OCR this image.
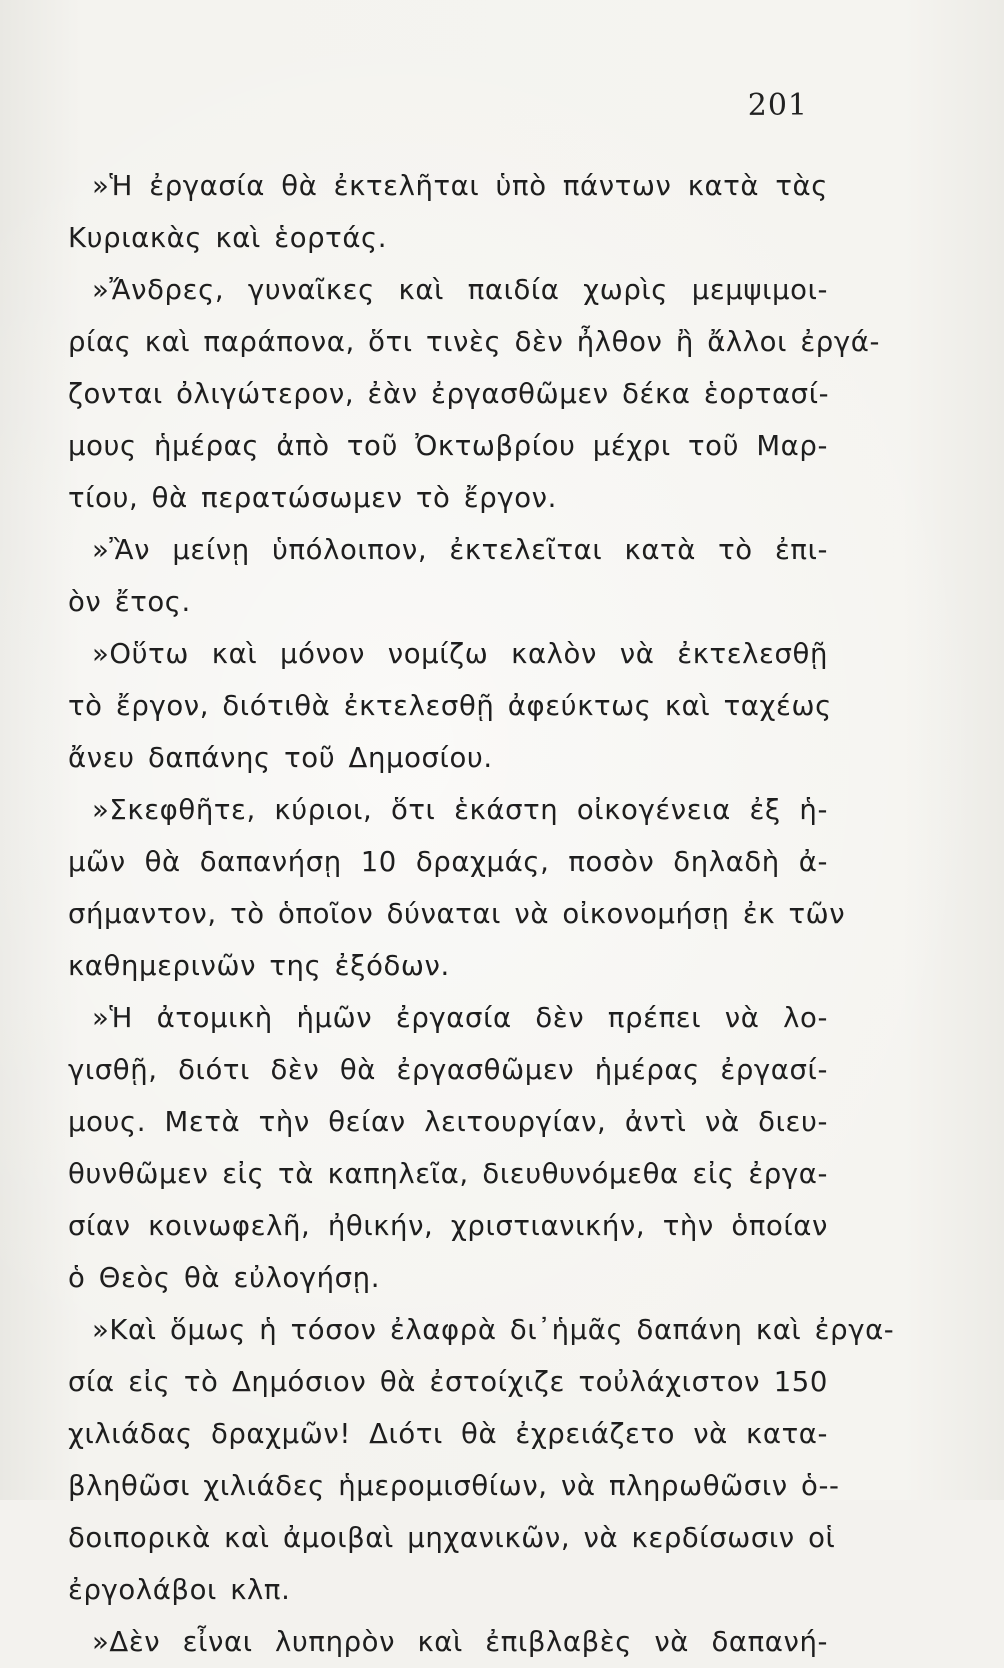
201
»Ἡ ἐργασία θὰ ἐκτελῆται ὑπὸ πάντων κατὰ τὰς
Κυριακὰς καὶ ἑορτάς.
»Ἄνδρες, γυναῖκες καὶ παιδία χωρὶς μεμψιμοι-
ρίας καὶ παράπονα, ὅτι τινὲς δὲν ἦλθον ἢ ἄλλοι ἐργά-
ζονται ὀλιγώτερον, ἐὰν ἐργασθῶμεν δέκα ἑορτασί-
μους ἡμέρας ἀπὸ τοῦ Ὀκτωβρίου μέχρι τοῦ Μαρ-
τίου, θὰ περατώσωμεν τὸ ἔργον.
»Ἂν μείνῃ ὑπόλοιπον, ἐκτελεῖται κατὰ τὸ ἐπι-
ὸν ἔτος.
»Οὕτω καὶ μόνον νομίζω καλὸν νὰ ἐκτελεσθῇ
τὸ ἔργον, διότιθὰ ἐκτελεσθῇ ἀφεύκτως καὶ ταχέως
ἄνευ δαπάνης τοῦ Δημοσίου.
»Σκεφθῆτε, κύριοι, ὅτι ἑκάστη οἰκογένεια ἐξ ἡ-
μῶν θὰ δαπανήσῃ 10 δραχμάς, ποσὸν δηλαδὴ ἀ-
σήμαντον, τὸ ὁποῖον δύναται νὰ οἰκονομήσῃ ἐκ τῶν
καθημερινῶν της ἐξόδων.
»Ἡ ἀτομικὴ ἡμῶν ἐργασία δὲν πρέπει νὰ λο-
γισθῇ, διότι δὲν θὰ ἐργασθῶμεν ἡμέρας ἐργασί-
μους. Μετὰ τὴν θείαν λειτουργίαν, ἀντὶ νὰ διευ-
θυνθῶμεν εἰς τὰ καπηλεῖα, διευθυνόμεθα εἰς ἐργα-
σίαν κοινωφελῆ, ἠθικήν, χριστιανικήν, τὴν ὁποίαν
ὁ Θεὸς θὰ εὐλογήσῃ.
»Καὶ ὅμως ἡ τόσον ἐλαφρὰ δι᾿ἡμᾶς δαπάνη καὶ ἐργα-
σία εἰς τὸ Δημόσιον θὰ ἐστοίχιζε τοὐλάχιστον 150
χιλιάδας δραχμῶν! Διότι θὰ ἐχρειάζετο νὰ κατα-
βληθῶσι χιλιάδες ἡμερομισθίων, νὰ πληρωθῶσιν ὁ--
δοιπορικὰ καὶ ἀμοιβαὶ μηχανικῶν, νὰ κερδίσωσιν οἱ
ἐργολάβοι κλπ.
»Δὲν εἶναι λυπηρὸν καὶ ἐπιβλαβὲς νὰ δαπανή-
